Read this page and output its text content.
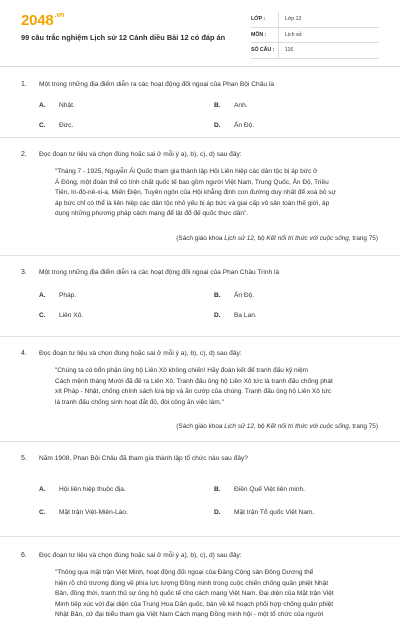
$2048^{.vn}$
99 câu trắc nghiệm Lịch sử 12 Cánh diều Bài 12 có đáp án
LỚP :	Lớp 12
MÔN :	Lịch sử
SỐ CÂU :	116
1.	Một trong những địa điểm diễn ra các hoạt động đối ngoại của Phan Bội Châu là
A. Nhật.	B. Anh.
C. Đức.	D. Ấn Độ.
2.	Đọc đoạn tư liệu và chọn đúng hoặc sai ở mỗi ý a), b), c), d) sau đây:
"Tháng 7 - 1925, Nguyễn Ái Quốc tham gia thành lập Hội Liên hiệp các dân tộc bị áp bức ở
Á Đông, một đoàn thể có tính chất quốc tế bao gồm người Việt Nam, Trung Quốc, Ấn Độ, Triều
Tiên, In-đô-nê-xi-a, Miến Điện, Tuyên ngôn của Hội khẳng định con đường duy nhất để xoá bỏ sự
áp bức chỉ có thể là liên hiệp các dân tộc nhỏ yếu bị áp bức và giai cấp vô sản toàn thế giới, áp
dụng những phương pháp cách mạng để lật đổ đế quốc thực dân".
(Sách giáo khoa Lịch sử 12, bộ Kết nối tri thức với cuộc sống, trang 75)
3.	Một trong những địa điểm diễn ra các hoạt động đối ngoại của Phan Châu Trinh là
A. Pháp.	B. Ấn Độ.
C. Liên Xô.	D. Ba Lan.
4.	Đọc đoạn tư liệu và chọn đúng hoặc sai ở mỗi ý a), b), c), d) sau đây:
"Chúng ta có bổn phận ủng hộ Liên Xô không chiến! Hãy đoàn kết để tranh đấu kỷ niệm
Cách mệnh tháng Mười đã đề ra Liên Xô. Tranh đấu ủng hộ Liên Xô tức là tranh đấu chống phát
xít Pháp - Nhật, chống chính sách lừa bịp và ăn cướp của chúng. Tranh đấu ủng hộ Liên Xô tức
là tranh đấu chống sinh hoạt đắt đỏ, đòi công ăn việc làm."
(Sách giáo khoa Lịch sử 12, bộ Kết nối tri thức với cuộc sống, trang 75)
5.	Năm 1908, Phan Bội Châu đã tham gia thành lập tổ chức nào sau đây?
A. Hội liên hiệp thuộc địa.	B. Điền Quế Việt liên minh.
C. Mặt trận Việt-Miên-Lào.	D. Mặt trận Tổ quốc Việt Nam.
6.	Đọc đoạn tư liệu và chọn đúng hoặc sai ở mỗi ý a), b), c), d) sau đây:
"Thông qua mặt trận Việt Minh, hoạt động đối ngoại của Đảng Cộng sản Đông Dương thể
hiện rõ chủ trương đúng về phía lực lượng Đồng minh trong cuộc chiến chống quân phiệt Nhật
Bản, đồng thời, tranh thủ sự ủng hộ quốc tế cho cách mạng Việt Nam. Đại diện của Mặt trận Việt
Minh tiếp xúc với đại diện của Trung Hoa Dân quốc, bàn về kế hoạch phối hợp chống quân phiệt
Nhật Bản, cử đại biểu tham gia Việt Nam Cách mạng Đồng minh hội - một tổ chức của người
